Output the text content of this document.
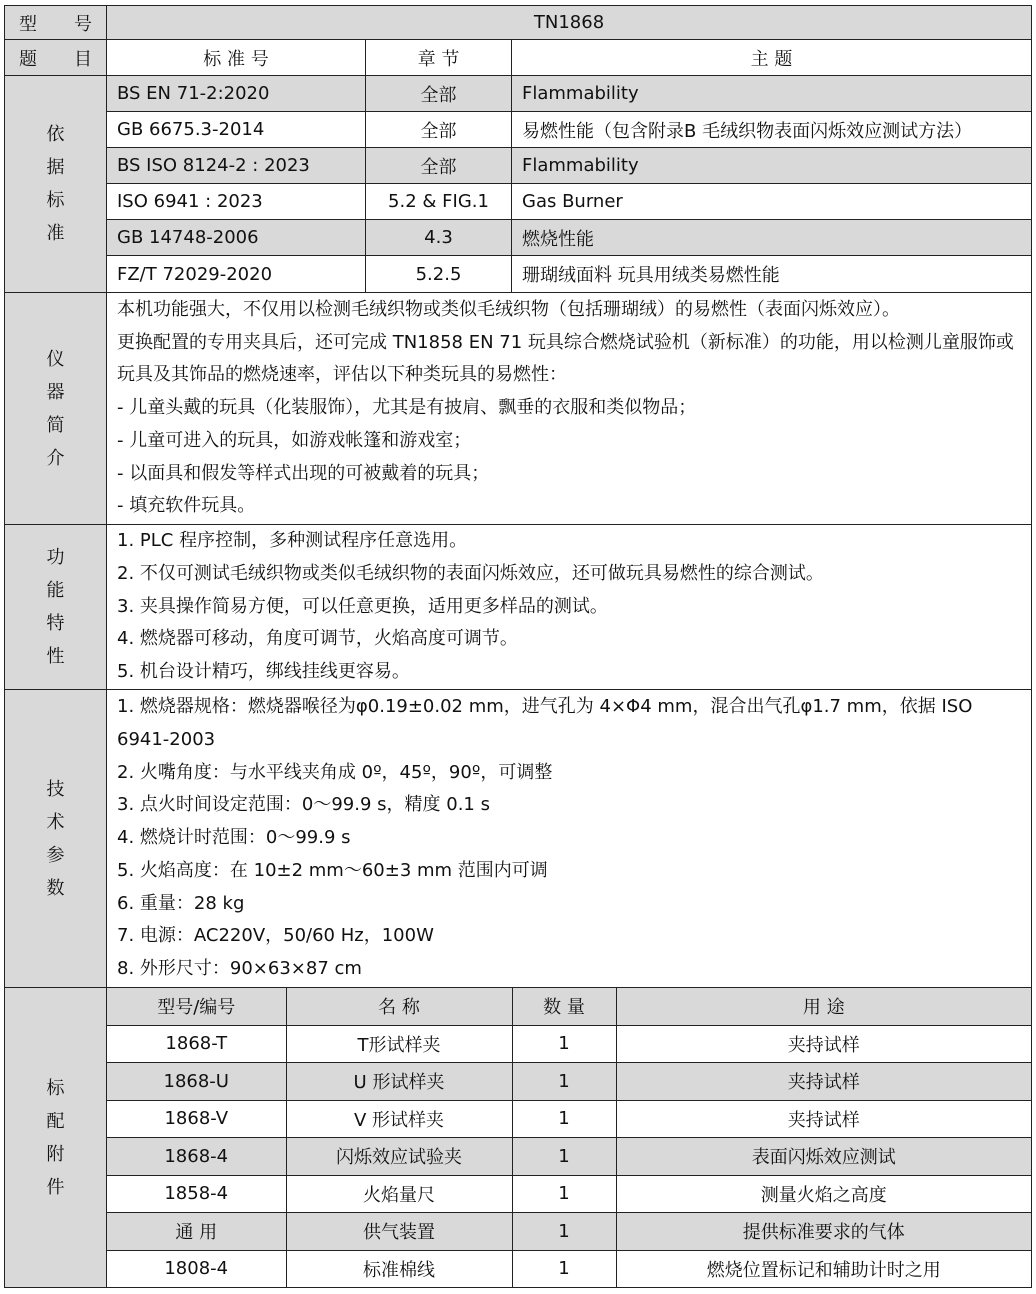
型 号	TN1868

题 目	标 准 号	章 节	主 题

依
据
标
准
	BS EN 71-2:2020	全部	Flammability
GB 6675.3-2014	全部	易燃性能（包含附录B 毛绒织物表面闪烁效应测试方法）
BS ISO 8124-2 : 2023	全部	Flammability
ISO 6941 : 2023	5.2 & FIG.1	Gas Burner
GB 14748-2006	4.3	燃烧性能
FZ/T 72029-2020	5.2.5	珊瑚绒面料 玩具用绒类易燃性能

仪
器
简
介

本机功能强大，不仅用以检测毛绒织物或类似毛绒织物（包括珊瑚绒）的易燃性（表面闪烁效应）。
更换配置的专用夹具后，还可完成 TN1858 EN 71 玩具综合燃烧试验机（新标准）的功能，用以检测儿童服饰或玩具及其饰品的燃烧速率，评估以下种类玩具的易燃性：
- 儿童头戴的玩具（化装服饰），尤其是有披肩、飘垂的衣服和类似物品；
- 儿童可进入的玩具，如游戏帐篷和游戏室；
- 以面具和假发等样式出现的可被戴着的玩具；
- 填充软件玩具。

功
能
特
性

1. PLC 程序控制，多种测试程序任意选用。
2. 不仅可测试毛绒织物或类似毛绒织物的表面闪烁效应，还可做玩具易燃性的综合测试。
3. 夹具操作简易方便，可以任意更换，适用更多样品的测试。
4. 燃烧器可移动，角度可调节，火焰高度可调节。
5. 机台设计精巧，绑线挂线更容易。

技
术
参
数

1. 燃烧器规格：燃烧器喉径为φ0.19±0.02 mm，进气孔为 4×Φ4 mm，混合出气孔φ1.7 mm，依据 ISO 6941-2003
2. 火嘴角度：与水平线夹角成 0º，45º，90º，可调整
3. 点火时间设定范围：0～99.9 s，精度 0.1 s
4. 燃烧计时范围：0～99.9 s
5. 火焰高度：在 10±2 mm～60±3 mm 范围内可调
6. 重量：28 kg
7. 电源：AC220V，50/60 Hz，100W
8. 外形尺寸：90×63×87 cm

标
配
附
件

型号/编号	名 称	数 量	用 途
1868-T	T形试样夹	1	夹持试样
1868-U	U 形试样夹	1	夹持试样
1868-V	V 形试样夹	1	夹持试样
1868-4	闪烁效应试验夹	1	表面闪烁效应测试
1858-4	火焰量尺	1	测量火焰之高度
通 用	供气装置	1	提供标准要求的气体
1808-4	标准棉线	1	燃烧位置标记和辅助计时之用
